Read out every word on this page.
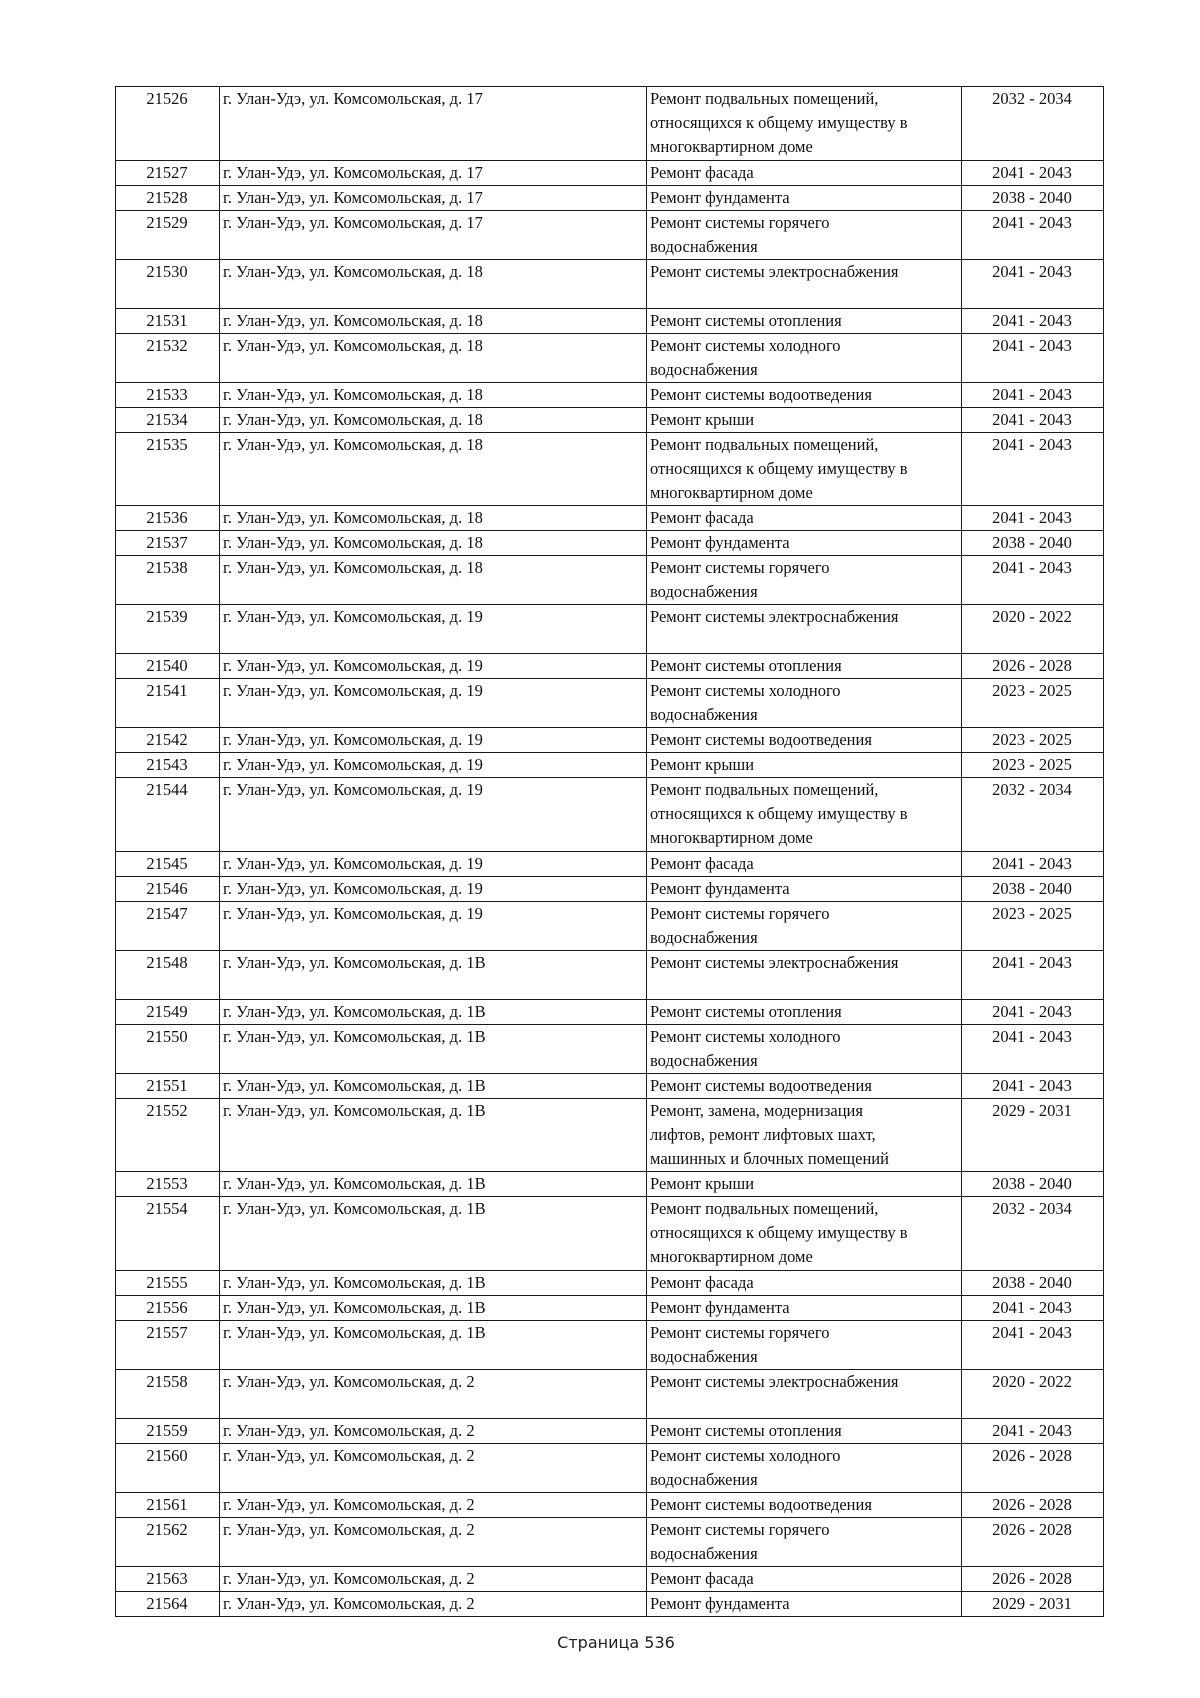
21526	г. Улан-Удэ, ул. Комсомольская, д. 17	Ремонт подвальных помещений,
относящихся к общему имуществу в
многоквартирном доме	2032 - 2034
21527	г. Улан-Удэ, ул. Комсомольская, д. 17	Ремонт фасада	2041 - 2043
21528	г. Улан-Удэ, ул. Комсомольская, д. 17	Ремонт фундамента	2038 - 2040
21529	г. Улан-Удэ, ул. Комсомольская, д. 17	Ремонт системы горячего
водоснабжения	2041 - 2043
21530	г. Улан-Удэ, ул. Комсомольская, д. 18	Ремонт системы электроснабжения	2041 - 2043
21531	г. Улан-Удэ, ул. Комсомольская, д. 18	Ремонт системы отопления	2041 - 2043
21532	г. Улан-Удэ, ул. Комсомольская, д. 18	Ремонт системы холодного
водоснабжения	2041 - 2043
21533	г. Улан-Удэ, ул. Комсомольская, д. 18	Ремонт системы водоотведения	2041 - 2043
21534	г. Улан-Удэ, ул. Комсомольская, д. 18	Ремонт крыши	2041 - 2043
21535	г. Улан-Удэ, ул. Комсомольская, д. 18	Ремонт подвальных помещений,
относящихся к общему имуществу в
многоквартирном доме	2041 - 2043
21536	г. Улан-Удэ, ул. Комсомольская, д. 18	Ремонт фасада	2041 - 2043
21537	г. Улан-Удэ, ул. Комсомольская, д. 18	Ремонт фундамента	2038 - 2040
21538	г. Улан-Удэ, ул. Комсомольская, д. 18	Ремонт системы горячего
водоснабжения	2041 - 2043
21539	г. Улан-Удэ, ул. Комсомольская, д. 19	Ремонт системы электроснабжения	2020 - 2022
21540	г. Улан-Удэ, ул. Комсомольская, д. 19	Ремонт системы отопления	2026 - 2028
21541	г. Улан-Удэ, ул. Комсомольская, д. 19	Ремонт системы холодного
водоснабжения	2023 - 2025
21542	г. Улан-Удэ, ул. Комсомольская, д. 19	Ремонт системы водоотведения	2023 - 2025
21543	г. Улан-Удэ, ул. Комсомольская, д. 19	Ремонт крыши	2023 - 2025
21544	г. Улан-Удэ, ул. Комсомольская, д. 19	Ремонт подвальных помещений,
относящихся к общему имуществу в
многоквартирном доме	2032 - 2034
21545	г. Улан-Удэ, ул. Комсомольская, д. 19	Ремонт фасада	2041 - 2043
21546	г. Улан-Удэ, ул. Комсомольская, д. 19	Ремонт фундамента	2038 - 2040
21547	г. Улан-Удэ, ул. Комсомольская, д. 19	Ремонт системы горячего
водоснабжения	2023 - 2025
21548	г. Улан-Удэ, ул. Комсомольская, д. 1В	Ремонт системы электроснабжения	2041 - 2043
21549	г. Улан-Удэ, ул. Комсомольская, д. 1В	Ремонт системы отопления	2041 - 2043
21550	г. Улан-Удэ, ул. Комсомольская, д. 1В	Ремонт системы холодного
водоснабжения	2041 - 2043
21551	г. Улан-Удэ, ул. Комсомольская, д. 1В	Ремонт системы водоотведения	2041 - 2043
21552	г. Улан-Удэ, ул. Комсомольская, д. 1В	Ремонт, замена, модернизация
лифтов, ремонт лифтовых шахт,
машинных и блочных помещений	2029 - 2031
21553	г. Улан-Удэ, ул. Комсомольская, д. 1В	Ремонт крыши	2038 - 2040
21554	г. Улан-Удэ, ул. Комсомольская, д. 1В	Ремонт подвальных помещений,
относящихся к общему имуществу в
многоквартирном доме	2032 - 2034
21555	г. Улан-Удэ, ул. Комсомольская, д. 1В	Ремонт фасада	2038 - 2040
21556	г. Улан-Удэ, ул. Комсомольская, д. 1В	Ремонт фундамента	2041 - 2043
21557	г. Улан-Удэ, ул. Комсомольская, д. 1В	Ремонт системы горячего
водоснабжения	2041 - 2043
21558	г. Улан-Удэ, ул. Комсомольская, д. 2	Ремонт системы электроснабжения	2020 - 2022
21559	г. Улан-Удэ, ул. Комсомольская, д. 2	Ремонт системы отопления	2041 - 2043
21560	г. Улан-Удэ, ул. Комсомольская, д. 2	Ремонт системы холодного
водоснабжения	2026 - 2028
21561	г. Улан-Удэ, ул. Комсомольская, д. 2	Ремонт системы водоотведения	2026 - 2028
21562	г. Улан-Удэ, ул. Комсомольская, д. 2	Ремонт системы горячего
водоснабжения	2026 - 2028
21563	г. Улан-Удэ, ул. Комсомольская, д. 2	Ремонт фасада	2026 - 2028
21564	г. Улан-Удэ, ул. Комсомольская, д. 2	Ремонт фундамента	2029 - 2031
Страница 536
